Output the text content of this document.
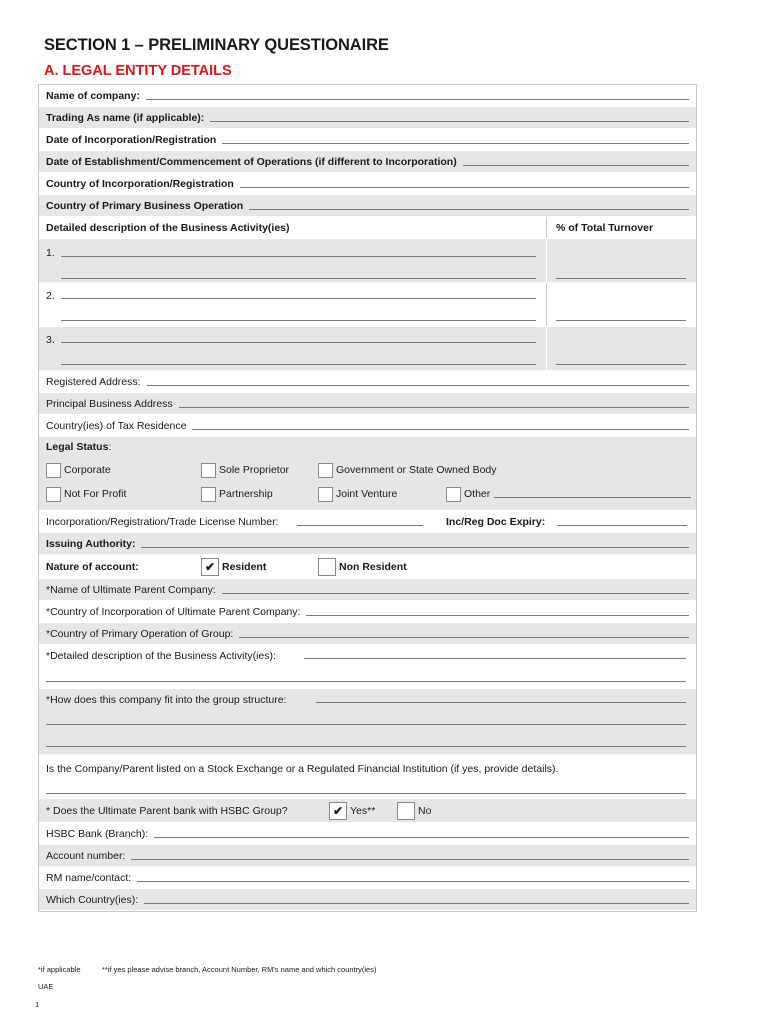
SECTION 1 – PRELIMINARY QUESTIONAIRE
A. LEGAL ENTITY DETAILS
Name of company:
Trading As name (if applicable):
Date of Incorporation/Registration
Date of Establishment/Commencement of Operations (if different to Incorporation)
Country of Incorporation/Registration
Country of Primary Business Operation
Detailed description of the Business Activity(ies)	% of Total Turnover
1.
2.
3.
Registered Address:
Principal Business Address
Country(ies) of Tax Residence
Legal Status:
Corporate	Sole Proprietor	Government or State Owned Body
Not For Profit	Partnership	Joint Venture	Other
Incorporation/Registration/Trade License Number:	Inc/Reg Doc Expiry:
Issuing Authority:
Nature of account:	✔ Resident	Non Resident
*Name of Ultimate Parent Company:
*Country of Incorporation of Ultimate Parent Company:
*Country of Primary Operation of Group:
*Detailed description of the Business Activity(ies):
*How does this company fit into the group structure:
Is the Company/Parent listed on a Stock Exchange or a Regulated Financial Institution (if yes, provide details).
* Does the Ultimate Parent bank with HSBC Group?	✔ Yes**	No
HSBC Bank (Branch):
Account number:
RM name/contact:
Which Country(ies):
*if applicable	**if yes please advise branch, Account Number, RM's name and which country(ies)
UAE
1
